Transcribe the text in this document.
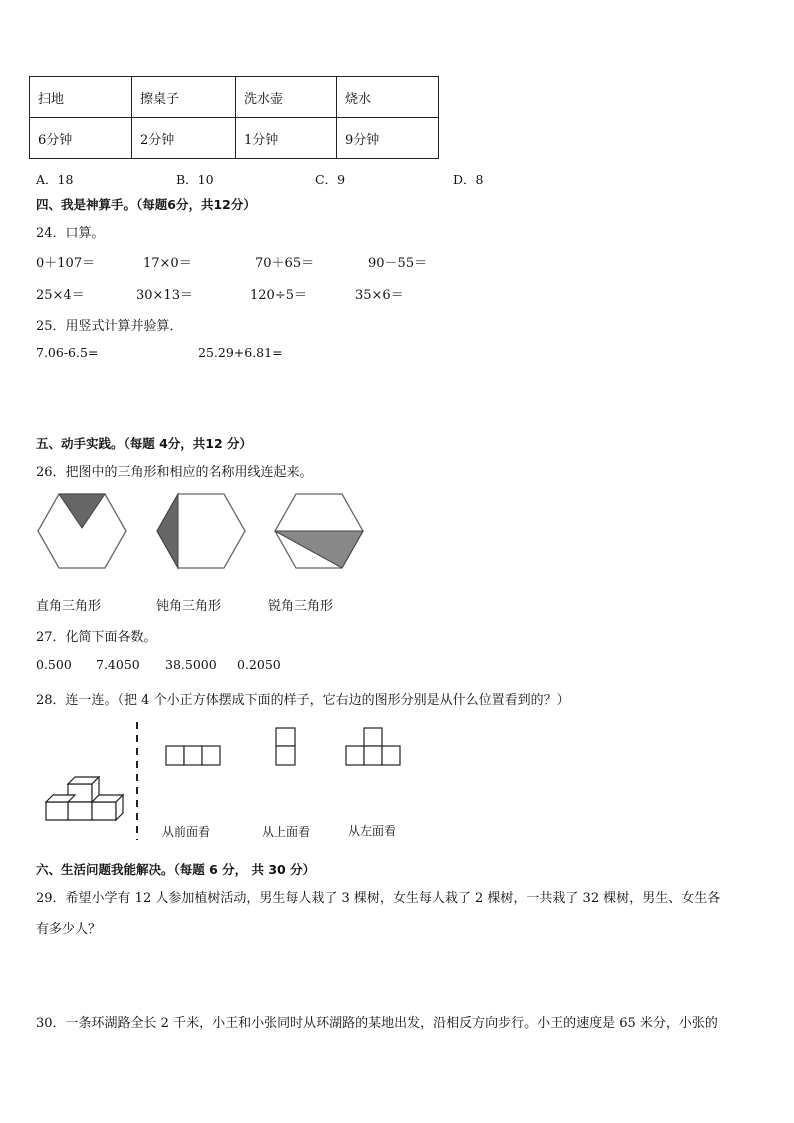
扫地	擦桌子	洗水壶	烧水
6分钟	2分钟	1分钟	9分钟
A．18	B．10	C．9	D．8
四、我是神算手。（每题6分，共12分）
24．口算。
0＋107＝	17×0＝	70＋65＝	90－55＝
25×4＝	30×13＝	120÷5＝	35×6＝
25．用竖式计算并验算．
7.06-6.5=	25.29+6.81=
五、动手实践。（每题 4分，共12 分）
26．把图中的三角形和相应的名称用线连起来。
直角三角形	钝角三角形	锐角三角形
27．化简下面各数。
0.500 7.4050 38.5000 0.2050
28．连一连。（把 4 个小正方体摆成下面的样子，它右边的图形分别是从什么位置看到的？）
从前面看	从上面看	从左面看
六、生活问题我能解决。（每题 6 分， 共 30 分）
29．希望小学有 12 人参加植树活动，男生每人栽了 3 棵树，女生每人栽了 2 棵树，一共栽了 32 棵树，男生、女生各
有多少人？
30．一条环湖路全长 2 千米，小王和小张同时从环湖路的某地出发，沿相反方向步行。小王的速度是 65 米分，小张的
